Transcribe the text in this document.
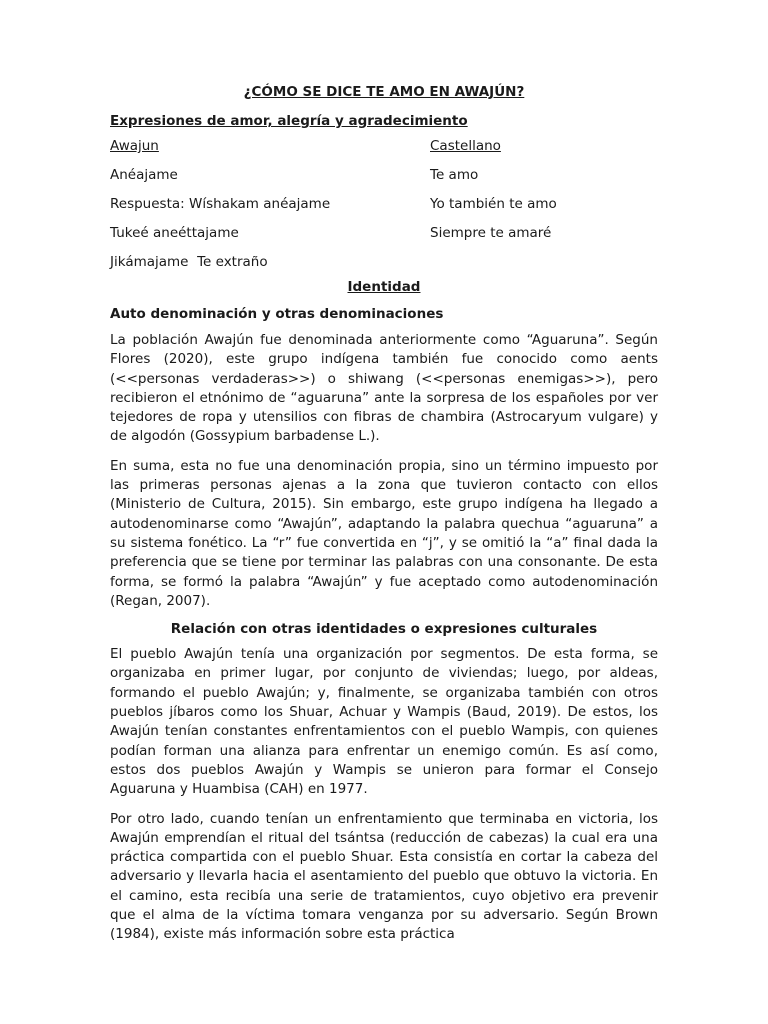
¿CÓMO SE DICE TE AMO EN AWAJÚN?
Expresiones de amor, alegría y agradecimiento
Awajun	Castellano
Anéajame	Te amo
Respuesta: Wíshakam anéajame	Yo también te amo
Tukeé aneéttajame	Siempre te amaré
Jikámajame  Te extraño
Identidad
Auto denominación y otras denominaciones

La población Awajún fue denominada anteriormente como “Aguaruna”. Según Flores (2020), este grupo indígena también fue conocido como aents (<<personas verdaderas>>) o shiwang (<<personas enemigas>>), pero recibieron el etnónimo de “aguaruna” ante la sorpresa de los españoles por ver tejedores de ropa y utensilios con fibras de chambira (Astrocaryum vulgare) y de algodón (Gossypium barbadense L.).

En suma, esta no fue una denominación propia, sino un término impuesto por las primeras personas ajenas a la zona que tuvieron contacto con ellos (Ministerio de Cultura, 2015). Sin embargo, este grupo indígena ha llegado a autodenominarse como “Awajún”, adaptando la palabra quechua “aguaruna” a su sistema fonético. La “r” fue convertida en “j”, y se omitió la “a” final dada la preferencia que se tiene por terminar las palabras con una consonante. De esta forma, se formó la palabra “Awajún” y fue aceptado como autodenominación (Regan, 2007).

Relación con otras identidades o expresiones culturales

El pueblo Awajún tenía una organización por segmentos. De esta forma, se organizaba en primer lugar, por conjunto de viviendas; luego, por aldeas, formando el pueblo Awajún; y, finalmente, se organizaba también con otros pueblos jíbaros como los Shuar, Achuar y Wampis (Baud, 2019). De estos, los Awajún tenían constantes enfrentamientos con el pueblo Wampis, con quienes podían forman una alianza para enfrentar un enemigo común. Es así como, estos dos pueblos Awajún y Wampis se unieron para formar el Consejo Aguaruna y Huambisa (CAH) en 1977.

Por otro lado, cuando tenían un enfrentamiento que terminaba en victoria, los Awajún emprendían el ritual del tsántsa (reducción de cabezas) la cual era una práctica compartida con el pueblo Shuar. Esta consistía en cortar la cabeza del adversario y llevarla hacia el asentamiento del pueblo que obtuvo la victoria. En el camino, esta recibía una serie de tratamientos, cuyo objetivo era prevenir que el alma de la víctima tomara venganza por su adversario. Según Brown (1984), existe más información sobre esta práctica
